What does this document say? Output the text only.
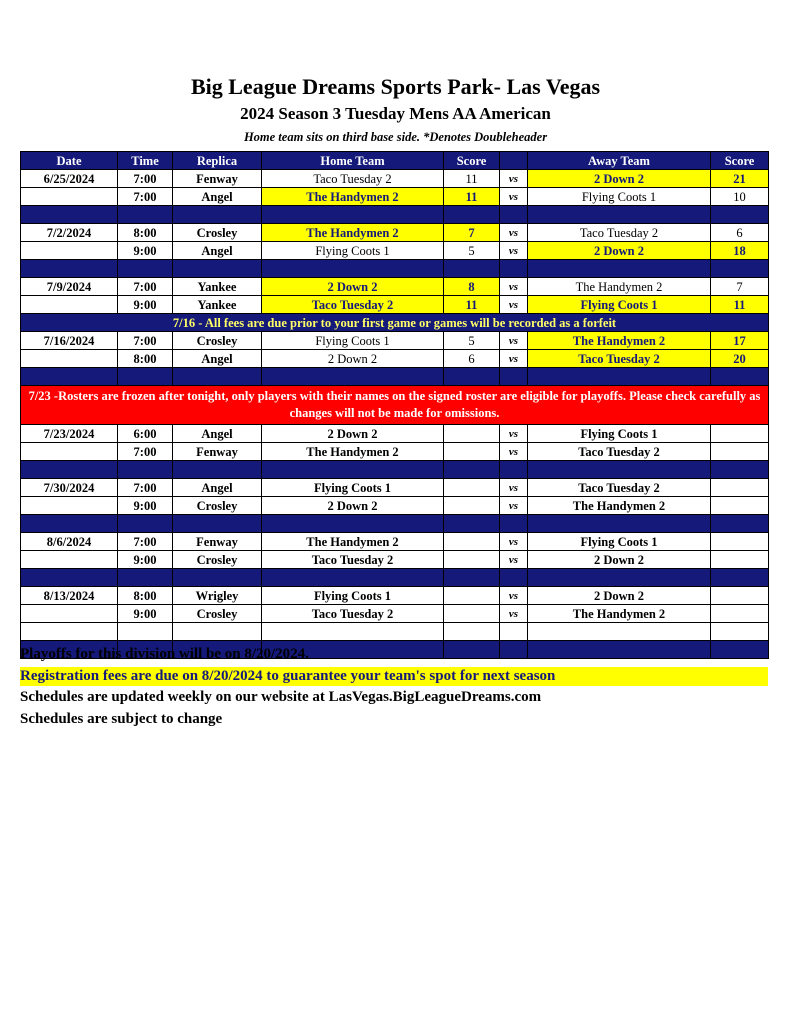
Big League Dreams Sports Park- Las Vegas
2024 Season 3 Tuesday Mens AA American
Home team sits on third base side. *Denotes Doubleheader
Date	Time	Replica	Home Team	Score		Away Team	Score
6/25/2024	7:00	Fenway	Taco Tuesday 2	11	vs	2 Down 2	21
	7:00	Angel	The Handymen 2	11	vs	Flying Coots 1	10

7/2/2024	8:00	Crosley	The Handymen 2	7	vs	Taco Tuesday 2	6
	9:00	Angel	Flying Coots 1	5	vs	2 Down 2	18

7/9/2024	7:00	Yankee	2 Down 2	8	vs	The Handymen 2	7
	9:00	Yankee	Taco Tuesday 2	11	vs	Flying Coots 1	11
7/16 - All fees are due prior to your first game or games will be recorded as a forfeit							
7/16/2024	7:00	Crosley	Flying Coots 1	5	vs	The Handymen 2	17
	8:00	Angel	2 Down 2	6	vs	Taco Tuesday 2	20

7/23 -Rosters are frozen after tonight, only players with their names on the signed roster are eligible for playoffs. Please check carefully as changes will not be made for omissions.							
7/23/2024	6:00	Angel	2 Down 2		vs	Flying Coots 1	
	7:00	Fenway	The Handymen 2		vs	Taco Tuesday 2	

7/30/2024	7:00	Angel	Flying Coots 1		vs	Taco Tuesday 2	
	9:00	Crosley	2 Down 2		vs	The Handymen 2	

8/6/2024	7:00	Fenway	The Handymen 2		vs	Flying Coots 1	
	9:00	Crosley	Taco Tuesday 2		vs	2 Down 2	

8/13/2024	8:00	Wrigley	Flying Coots 1		vs	2 Down 2	
	9:00	Crosley	Taco Tuesday 2		vs	The Handymen 2	

Playoffs for this division will be on 8/20/2024.
Registration fees are due on 8/20/2024 to guarantee your team's spot for next season
Schedules are updated weekly on our website at LasVegas.BigLeagueDreams.com
Schedules are subject to change
